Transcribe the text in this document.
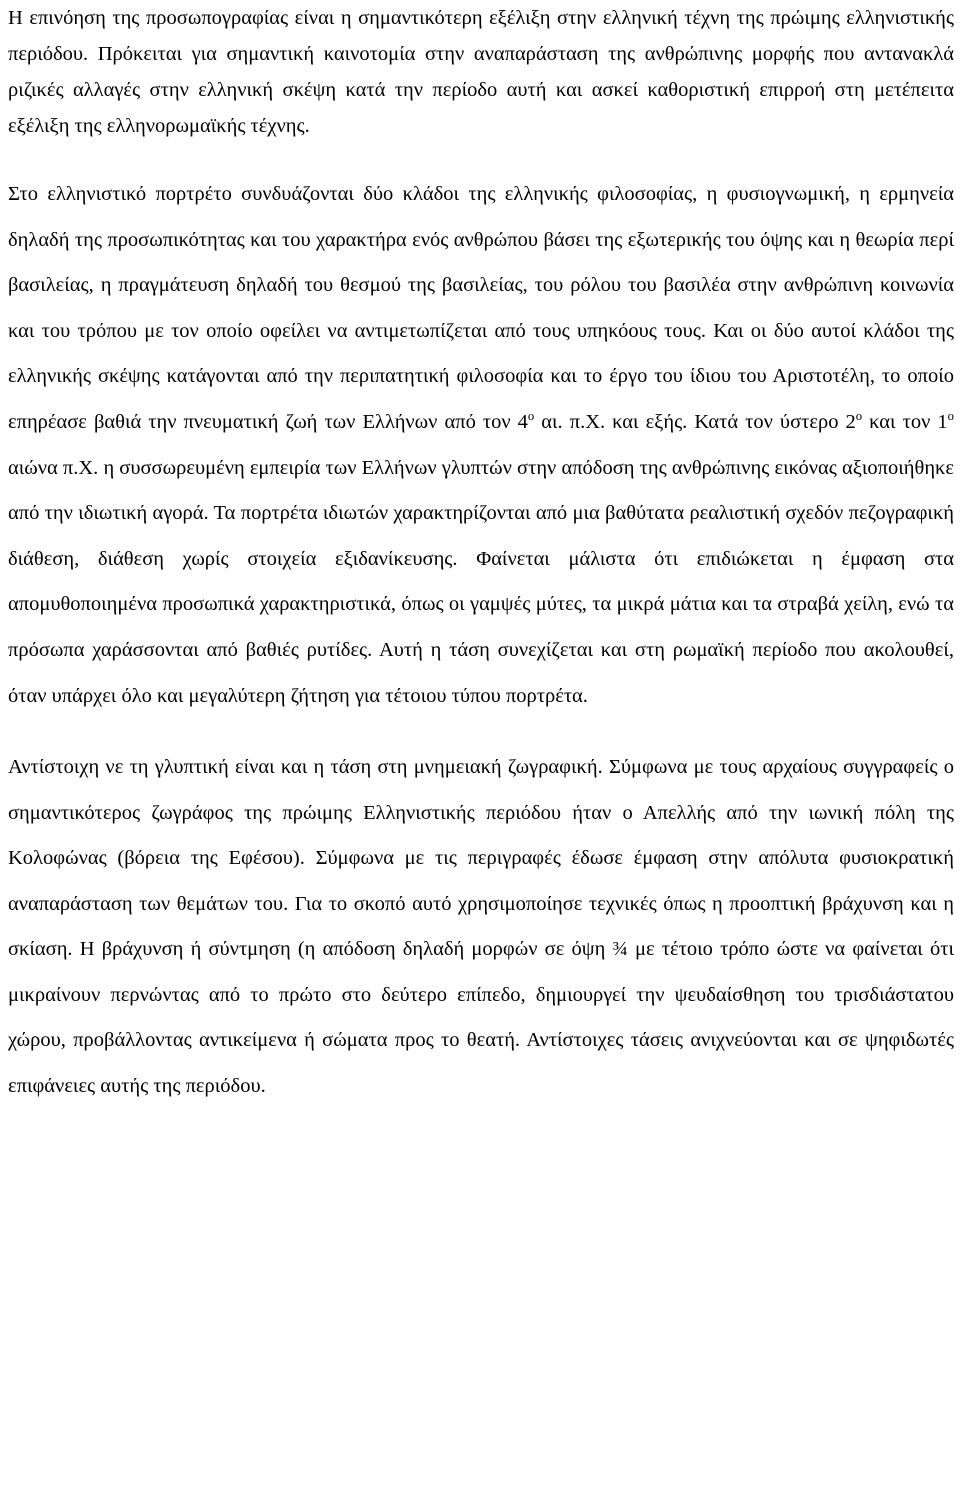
Η επινόηση της προσωπογραφίας είναι η σημαντικότερη εξέλιξη στην ελληνική τέχνη της πρώιμης ελληνιστικής περιόδου. Πρόκειται για σημαντική καινοτομία στην αναπαράσταση της ανθρώπινης μορφής που αντανακλά ριζικές αλλαγές στην ελληνική σκέψη κατά την περίοδο αυτή και ασκεί καθοριστική επιρροή στη μετέπειτα εξέλιξη της ελληνορωμαϊκής τέχνης.

Στο ελληνιστικό πορτρέτο συνδυάζονται δύο κλάδοι της ελληνικής φιλοσοφίας, η φυσιογνωμική, η ερμηνεία δηλαδή της προσωπικότητας και του χαρακτήρα ενός ανθρώπου βάσει της εξωτερικής του όψης και η θεωρία περί βασιλείας, η πραγμάτευση δηλαδή του θεσμού της βασιλείας, του ρόλου του βασιλέα στην ανθρώπινη κοινωνία και του τρόπου με τον οποίο οφείλει να αντιμετωπίζεται από τους υπηκόους τους. Και οι δύο αυτοί κλάδοι της ελληνικής σκέψης κατάγονται από την περιπατητική φιλοσοφία και το έργο του ίδιου του Αριστοτέλη, το οποίο επηρέασε βαθιά την πνευματική ζωή των Ελλήνων από τον $4^o$ αι. π.Χ. και εξής. Κατά τον ύστερο $2^o$ και τον $1^o$ αιώνα π.Χ. η συσσωρευμένη εμπειρία των Ελλήνων γλυπτών στην απόδοση της ανθρώπινης εικόνας αξιοποιήθηκε από την ιδιωτική αγορά. Τα πορτρέτα ιδιωτών χαρακτηρίζονται από μια βαθύτατα ρεαλιστική σχεδόν πεζογραφική διάθεση, διάθεση χωρίς στοιχεία εξιδανίκευσης. Φαίνεται μάλιστα ότι επιδιώκεται η έμφαση στα απομυθοποιημένα προσωπικά χαρακτηριστικά, όπως οι γαμψές μύτες, τα μικρά μάτια και τα στραβά χείλη, ενώ τα πρόσωπα χαράσσονται από βαθιές ρυτίδες. Αυτή η τάση συνεχίζεται και στη ρωμαϊκή περίοδο που ακολουθεί, όταν υπάρχει όλο και μεγαλύτερη ζήτηση για τέτοιου τύπου πορτρέτα.

Αντίστοιχη νε τη γλυπτική είναι και η τάση στη μνημειακή ζωγραφική. Σύμφωνα με τους αρχαίους συγγραφείς ο σημαντικότερος ζωγράφος της πρώιμης Ελληνιστικής περιόδου ήταν ο Απελλής από την ιωνική πόλη της Κολοφώνας (βόρεια της Εφέσου). Σύμφωνα με τις περιγραφές έδωσε έμφαση στην απόλυτα φυσιοκρατική αναπαράσταση των θεμάτων του. Για το σκοπό αυτό χρησιμοποίησε τεχνικές όπως η προοπτική βράχυνση και η σκίαση. Η βράχυνση ή σύντμηση (η απόδοση δηλαδή μορφών σε όψη ¾ με τέτοιο τρόπο ώστε να φαίνεται ότι μικραίνουν περνώντας από το πρώτο στο δεύτερο επίπεδο, δημιουργεί την ψευδαίσθηση του τρισδιάστατου χώρου, προβάλλοντας αντικείμενα ή σώματα προς το θεατή. Αντίστοιχες τάσεις ανιχνεύονται και σε ψηφιδωτές επιφάνειες αυτής της περιόδου.
